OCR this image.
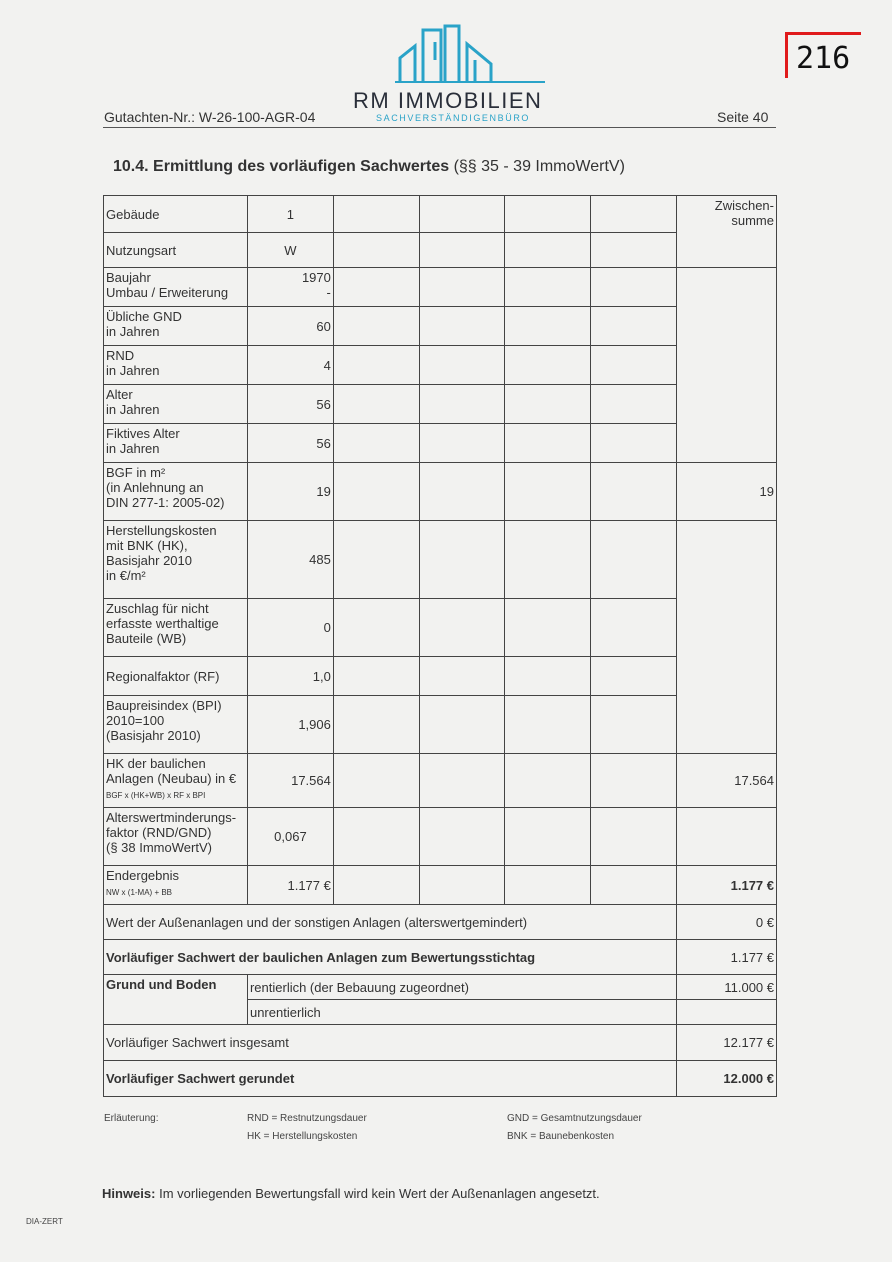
216
RM IMMOBILIEN
SACHVERSTÄNDIGENBÜRO
Gutachten-Nr.: W-26-100-AGR-04	Seite 40
10.4. Ermittlung des vorläufigen Sachwertes (§§ 35 - 39 ImmoWertV)
Gebäude	1					Zwischen-
summe
Nutzungsart	W					
Baujahr
Umbau / Erweiterung	1970
-					
Übliche GND
in Jahren	60					
RND
in Jahren	4					
Alter
in Jahren	56					
Fiktives Alter
in Jahren	56					
BGF in m²
(in Anlehnung an
DIN 277-1: 2005-02)	19					19
Herstellungskosten
mit BNK (HK),
Basisjahr 2010
in €/m²	485					
Zuschlag für nicht
erfasste werthaltige
Bauteile (WB)	0					
Regionalfaktor (RF)	1,0					
Baupreisindex (BPI)
2010=100
(Basisjahr 2010)	1,906					
HK der baulichen
Anlagen (Neubau) in €
BGF x (HK+WB) x RF x BPI	17.564					17.564
Alterswertminderungs-
faktor (RND/GND)
(§ 38 ImmoWertV)	0,067					
Endergebnis
NW x (1-MA) + BB	1.177 €					1.177 €
Wert der Außenanlagen und der sonstigen Anlagen (alterswertgemindert)						0 €
Vorläufiger Sachwert der baulichen Anlagen zum Bewertungsstichtag						1.177 €
Grund und Boden	rentierlich (der Bebauung zugeordnet)					11.000 €
	unrentierlich					
Vorläufiger Sachwert insgesamt						12.177 €
Vorläufiger Sachwert gerundet						12.000 €
Erläuterung:	RND = Restnutzungsdauer
HK = Herstellungskosten
GND = Gesamtnutzungsdauer
BNK = Baunebenkosten
Hinweis: Im vorliegenden Bewertungsfall wird kein Wert der Außenanlagen angesetzt.
DIA-ZERT
